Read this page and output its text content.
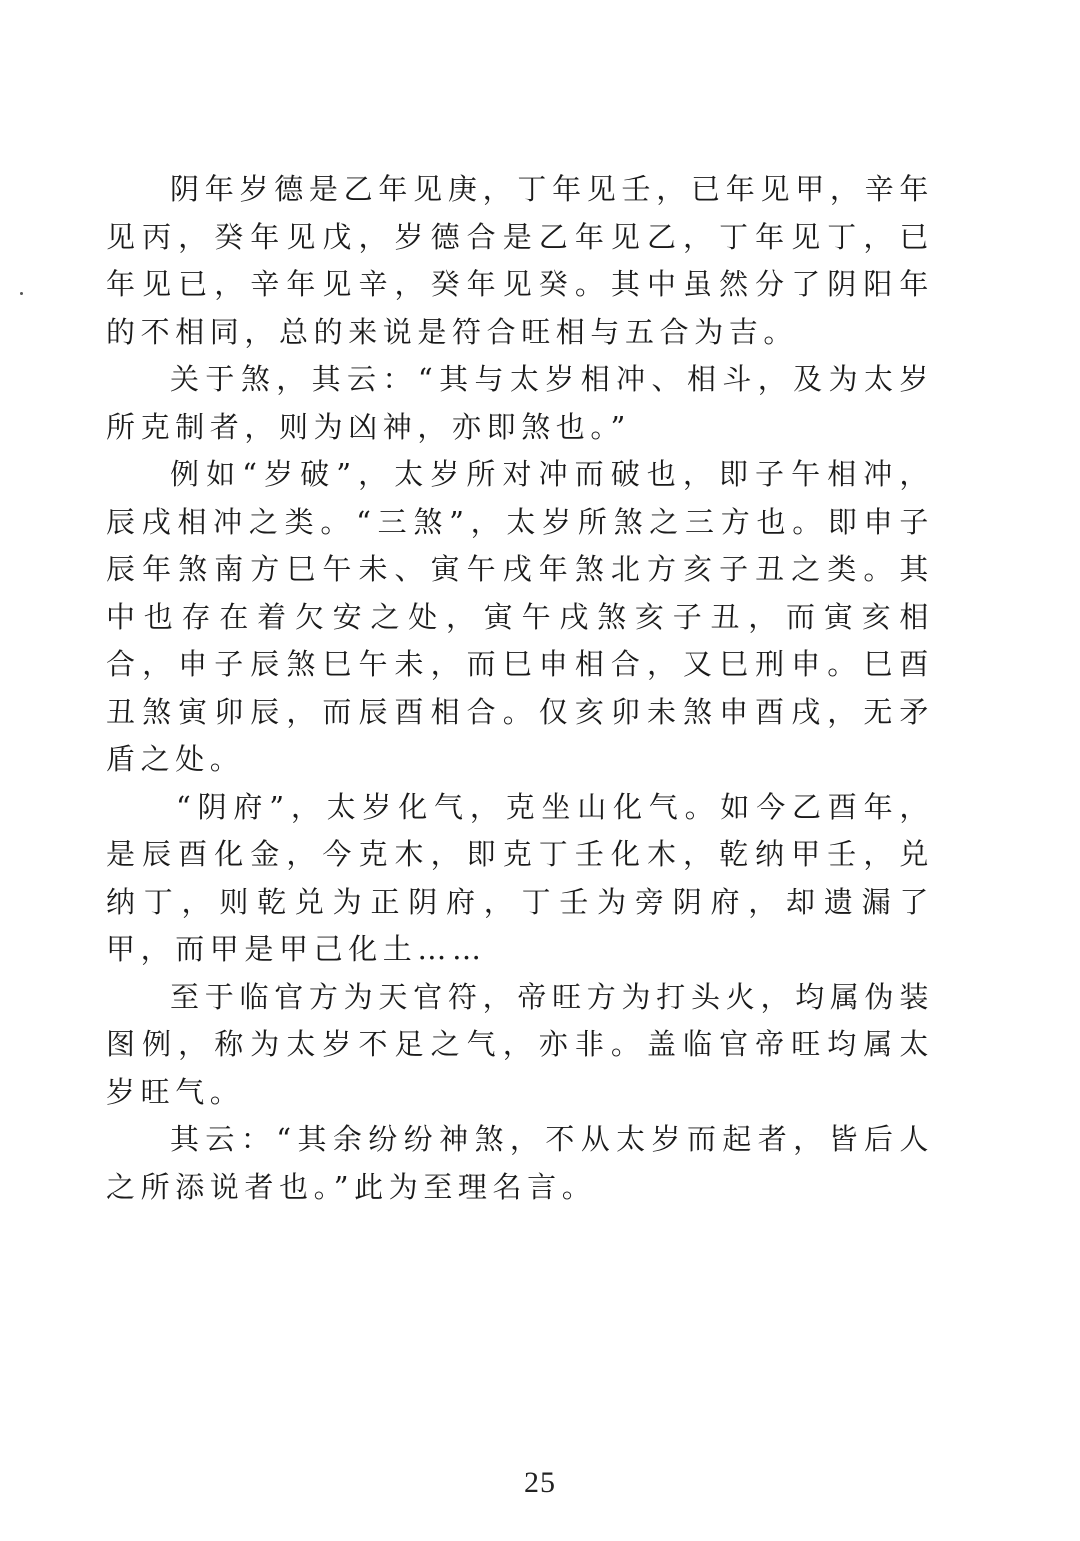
阴年岁德是乙年见庚，丁年见壬，已年见甲，辛年见丙，癸年见戊，岁德合是乙年见乙，丁年见丁，已年见已，辛年见辛，癸年见癸。其中虽然分了阴阳年的不相同，总的来说是符合旺相与五合为吉。

关于煞，其云：“其与太岁相冲、相斗，及为太岁所克制者，则为凶神，亦即煞也。”

例如“岁破”，太岁所对冲而破也，即子午相冲，辰戌相冲之类。“三煞”，太岁所煞之三方也。即申子辰年煞南方巳午未、寅午戌年煞北方亥子丑之类。其中也存在着欠安之处，寅午戌煞亥子丑，而寅亥相合，申子辰煞巳午未，而巳申相合，又巳刑申。巳酉丑煞寅卯辰，而辰酉相合。仅亥卯未煞申酉戌，无矛盾之处。

“阴府”，太岁化气，克坐山化气。如今乙酉年，是辰酉化金，今克木，即克丁壬化木，乾纳甲壬，兑纳丁，则乾兑为正阴府，丁壬为旁阴府，却遗漏了甲，而甲是甲己化土……

至于临官方为天官符，帝旺方为打头火，均属伪装图例，称为太岁不足之气，亦非。盖临官帝旺均属太岁旺气。

其云：“其余纷纷神煞，不从太岁而起者，皆后人之所添说者也。”此为至理名言。

25
